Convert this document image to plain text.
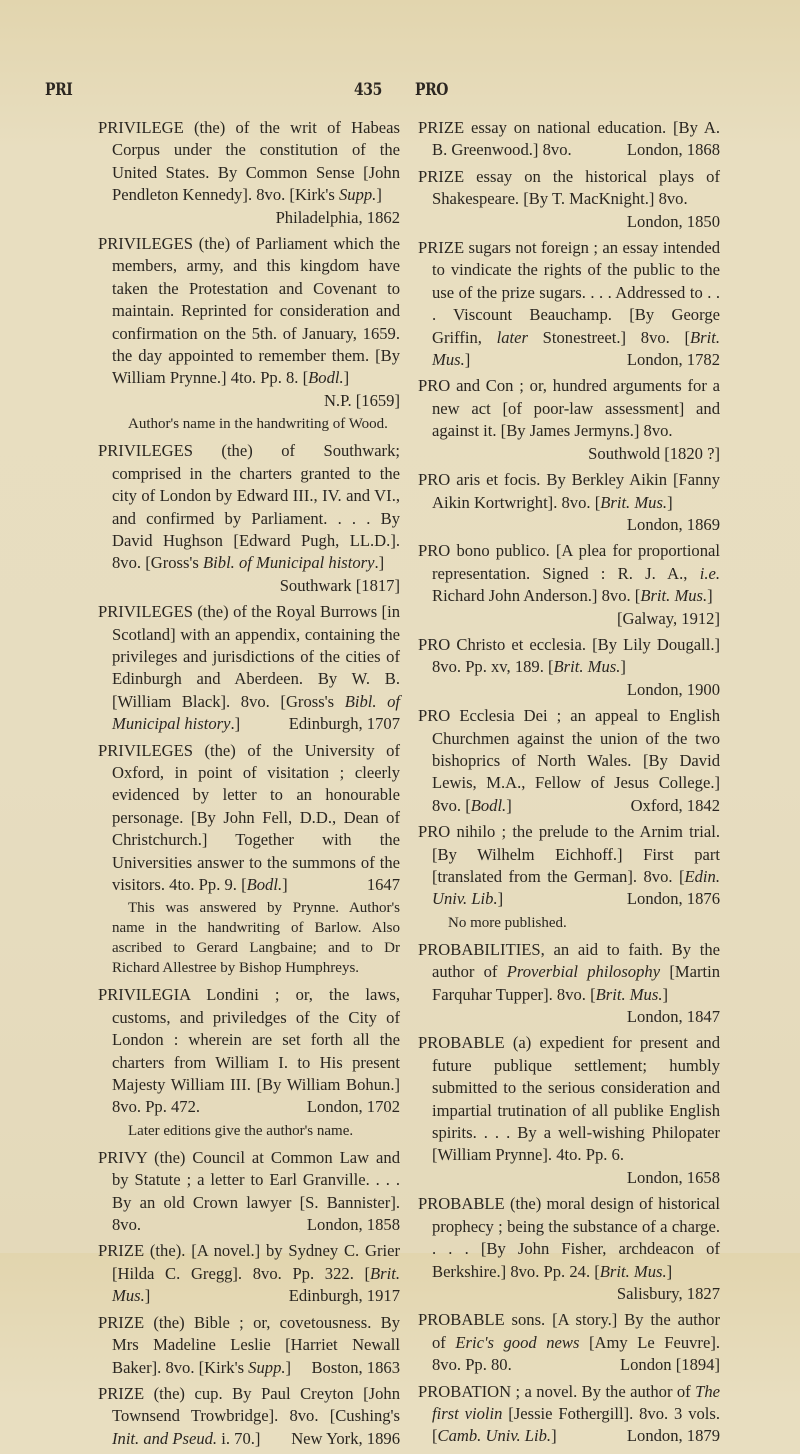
PRI	435 PRO
PRIVILEGE (the) of the writ of Habeas Corpus under the constitution of the United States. By Common Sense [John Pendleton Kennedy]. 8vo. [Kirk's Supp.]
Philadelphia, 1862
PRIVILEGES (the) of Parliament which the members, army, and this kingdom have taken the Protestation and Covenant to maintain. Reprinted for consideration and confirmation on the 5th. of January, 1659. the day appointed to remember them. [By William Prynne.] 4to. Pp. 8. [Bodl.]
N.P. [1659]
Author's name in the handwriting of Wood.
PRIVILEGES (the) of Southwark; comprised in the charters granted to the city of London by Edward III., IV. and VI., and confirmed by Parliament. . . . By David Hughson [Edward Pugh, LL.D.]. 8vo. [Gross's Bibl. of Municipal history.]
Southwark [1817]
PRIVILEGES (the) of the Royal Burrows [in Scotland] with an appendix, containing the privileges and jurisdictions of the cities of Edinburgh and Aberdeen. By W. B. [William Black]. 8vo. [Gross's Bibl. of Municipal history.]	Edinburgh, 1707
PRIVILEGES (the) of the University of Oxford, in point of visitation ; cleerly evidenced by letter to an honourable personage. [By John Fell, D.D., Dean of Christchurch.] Together with the Universities answer to the summons of the visitors. 4to. Pp. 9. [Bodl.]	1647
This was answered by Prynne. Author's name in the handwriting of Barlow. Also ascribed to Gerard Langbaine; and to Dr Richard Allestree by Bishop Humphreys.
PRIVILEGIA Londini ; or, the laws, customs, and priviledges of the City of London : wherein are set forth all the charters from William I. to His present Majesty William III. [By William Bohun.] 8vo. Pp. 472.	London, 1702
Later editions give the author's name.
PRIVY (the) Council at Common Law and by Statute ; a letter to Earl Granville. . . . By an old Crown lawyer [S. Bannister]. 8vo.	London, 1858
PRIZE (the). [A novel.] by Sydney C. Grier [Hilda C. Gregg]. 8vo. Pp. 322. [Brit. Mus.]	Edinburgh, 1917
PRIZE (the) Bible ; or, covetousness. By Mrs Madeline Leslie [Harriet Newall Baker]. 8vo. [Kirk's Supp.] Boston, 1863
PRIZE (the) cup. By Paul Creyton [John Townsend Trowbridge]. 8vo. [Cushing's Init. and Pseud. i. 70.] New York, 1896
PRIZE essay on national education. [By A. B. Greenwood.] 8vo.	London, 1868
PRIZE essay on the historical plays of Shakespeare. [By T. MacKnight.] 8vo.
London, 1850
PRIZE sugars not foreign ; an essay intended to vindicate the rights of the public to the use of the prize sugars. . . . Addressed to . . . Viscount Beauchamp. [By George Griffin, later Stonestreet.] 8vo. [Brit. Mus.]	London, 1782
PRO and Con ; or, hundred arguments for a new act [of poor-law assessment] and against it. [By James Jermyns.] 8vo.
Southwold [1820 ?]
PRO aris et focis. By Berkley Aikin [Fanny Aikin Kortwright]. 8vo. [Brit. Mus.]
London, 1869
PRO bono publico. [A plea for proportional representation. Signed : R. J. A., i.e. Richard John Anderson.] 8vo. [Brit. Mus.]
[Galway, 1912]
PRO Christo et ecclesia. [By Lily Dougall.] 8vo. Pp. xv, 189. [Brit. Mus.]
London, 1900
PRO Ecclesia Dei ; an appeal to English Churchmen against the union of the two bishoprics of North Wales. [By David Lewis, M.A., Fellow of Jesus College.] 8vo. [Bodl.]	Oxford, 1842
PRO nihilo ; the prelude to the Arnim trial. [By Wilhelm Eichhoff.] First part [translated from the German]. 8vo. [Edin. Univ. Lib.]	London, 1876
No more published.
PROBABILITIES, an aid to faith. By the author of Proverbial philosophy [Martin Farquhar Tupper]. 8vo. [Brit. Mus.]
London, 1847
PROBABLE (a) expedient for present and future publique settlement; humbly submitted to the serious consideration and impartial trutination of all publike English spirits. . . . By a well-wishing Philopater [William Prynne]. 4to. Pp. 6.
London, 1658
PROBABLE (the) moral design of historical prophecy ; being the substance of a charge. . . . [By John Fisher, archdeacon of Berkshire.] 8vo. Pp. 24. [Brit. Mus.]
Salisbury, 1827
PROBABLE sons. [A story.] By the author of Eric's good news [Amy Le Feuvre]. 8vo. Pp. 80.	London [1894]
PROBATION ; a novel. By the author of The first violin [Jessie Fothergill]. 8vo. 3 vols. [Camb. Univ. Lib.]	London, 1879
